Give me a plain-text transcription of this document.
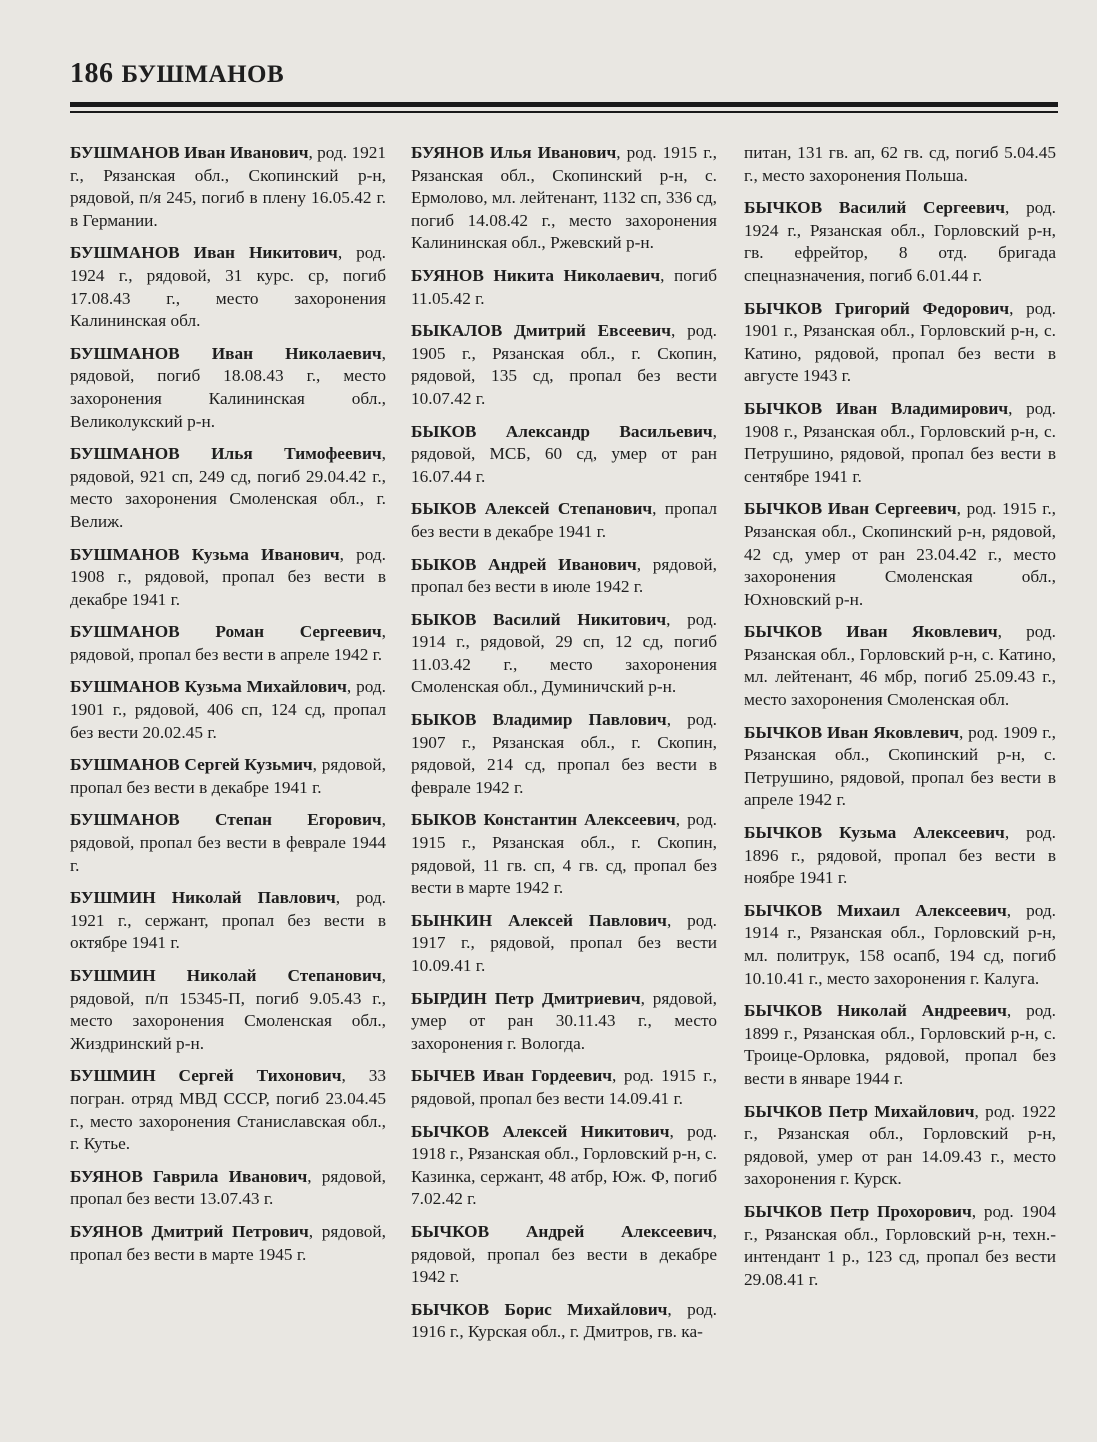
186 БУШМАНОВ
БУШМАНОВ Иван Иванович, род. 1921 г., Рязанская обл., Скопинский р-н, рядовой, п/я 245, погиб в плену 16.05.42 г. в Германии.
БУШМАНОВ Иван Никитович, род. 1924 г., рядовой, 31 курс. ср, погиб 17.08.43 г., место захоронения Калининская обл.
БУШМАНОВ Иван Николаевич, рядовой, погиб 18.08.43 г., место захоронения Калининская обл., Великолукский р-н.
БУШМАНОВ Илья Тимофеевич, рядовой, 921 сп, 249 сд, погиб 29.04.42 г., место захоронения Смоленская обл., г. Велиж.
БУШМАНОВ Кузьма Иванович, род. 1908 г., рядовой, пропал без вести в декабре 1941 г.
БУШМАНОВ Роман Сергеевич, рядовой, пропал без вести в апреле 1942 г.
БУШМАНОВ Кузьма Михайлович, род. 1901 г., рядовой, 406 сп, 124 сд, пропал без вести 20.02.45 г.
БУШМАНОВ Сергей Кузьмич, рядовой, пропал без вести в декабре 1941 г.
БУШМАНОВ Степан Егорович, рядовой, пропал без вести в феврале 1944 г.
БУШМИН Николай Павлович, род. 1921 г., сержант, пропал без вести в октябре 1941 г.
БУШМИН Николай Степанович, рядовой, п/п 15345-П, погиб 9.05.43 г., место захоронения Смоленская обл., Жиздринский р-н.
БУШМИН Сергей Тихонович, 33 погран. отряд МВД СССР, погиб 23.04.45 г., место захоронения Станиславская обл., г. Кутье.
БУЯНОВ Гаврила Иванович, рядовой, пропал без вести 13.07.43 г.
БУЯНОВ Дмитрий Петрович, рядовой, пропал без вести в марте 1945 г.
БУЯНОВ Илья Иванович, род. 1915 г., Рязанская обл., Скопинский р-н, с. Ермолово, мл. лейтенант, 1132 сп, 336 сд, погиб 14.08.42 г., место захоронения Калининская обл., Ржевский р-н.
БУЯНОВ Никита Николаевич, погиб 11.05.42 г.
БЫКАЛОВ Дмитрий Евсеевич, род. 1905 г., Рязанская обл., г. Скопин, рядовой, 135 сд, пропал без вести 10.07.42 г.
БЫКОВ Александр Васильевич, рядовой, МСБ, 60 сд, умер от ран 16.07.44 г.
БЫКОВ Алексей Степанович, пропал без вести в декабре 1941 г.
БЫКОВ Андрей Иванович, рядовой, пропал без вести в июле 1942 г.
БЫКОВ Василий Никитович, род. 1914 г., рядовой, 29 сп, 12 сд, погиб 11.03.42 г., место захоронения Смоленская обл., Думиничский р-н.
БЫКОВ Владимир Павлович, род. 1907 г., Рязанская обл., г. Скопин, рядовой, 214 сд, пропал без вести в феврале 1942 г.
БЫКОВ Константин Алексеевич, род. 1915 г., Рязанская обл., г. Скопин, рядовой, 11 гв. сп, 4 гв. сд, пропал без вести в марте 1942 г.
БЫНКИН Алексей Павлович, род. 1917 г., рядовой, пропал без вести 10.09.41 г.
БЫРДИН Петр Дмитриевич, рядовой, умер от ран 30.11.43 г., место захоронения г. Вологда.
БЫЧЕВ Иван Гордеевич, род. 1915 г., рядовой, пропал без вести 14.09.41 г.
БЫЧКОВ Алексей Никитович, род. 1918 г., Рязанская обл., Горловский р-н, с. Казинка, сержант, 48 атбр, Юж. Ф, погиб 7.02.42 г.
БЫЧКОВ Андрей Алексеевич, рядовой, пропал без вести в декабре 1942 г.
БЫЧКОВ Борис Михайлович, род. 1916 г., Курская обл., г. Дмитров, гв. ка-
питан, 131 гв. ап, 62 гв. сд, погиб 5.04.45 г., место захоронения Польша.
БЫЧКОВ Василий Сергеевич, род. 1924 г., Рязанская обл., Горловский р-н, гв. ефрейтор, 8 отд. бригада спецназначения, погиб 6.01.44 г.
БЫЧКОВ Григорий Федорович, род. 1901 г., Рязанская обл., Горловский р-н, с. Катино, рядовой, пропал без вести в августе 1943 г.
БЫЧКОВ Иван Владимирович, род. 1908 г., Рязанская обл., Горловский р-н, с. Петрушино, рядовой, пропал без вести в сентябре 1941 г.
БЫЧКОВ Иван Сергеевич, род. 1915 г., Рязанская обл., Скопинский р-н, рядовой, 42 сд, умер от ран 23.04.42 г., место захоронения Смоленская обл., Юхновский р-н.
БЫЧКОВ Иван Яковлевич, род. Рязанская обл., Горловский р-н, с. Катино, мл. лейтенант, 46 мбр, погиб 25.09.43 г., место захоронения Смоленская обл.
БЫЧКОВ Иван Яковлевич, род. 1909 г., Рязанская обл., Скопинский р-н, с. Петрушино, рядовой, пропал без вести в апреле 1942 г.
БЫЧКОВ Кузьма Алексеевич, род. 1896 г., рядовой, пропал без вести в ноябре 1941 г.
БЫЧКОВ Михаил Алексеевич, род. 1914 г., Рязанская обл., Горловский р-н, мл. политрук, 158 осапб, 194 сд, погиб 10.10.41 г., место захоронения г. Калуга.
БЫЧКОВ Николай Андреевич, род. 1899 г., Рязанская обл., Горловский р-н, с. Троице-Орловка, рядовой, пропал без вести в январе 1944 г.
БЫЧКОВ Петр Михайлович, род. 1922 г., Рязанская обл., Горловский р-н, рядовой, умер от ран 14.09.43 г., место захоронения г. Курск.
БЫЧКОВ Петр Прохорович, род. 1904 г., Рязанская обл., Горловский р-н, техн.-интендант 1 р., 123 сд, пропал без вести 29.08.41 г.
